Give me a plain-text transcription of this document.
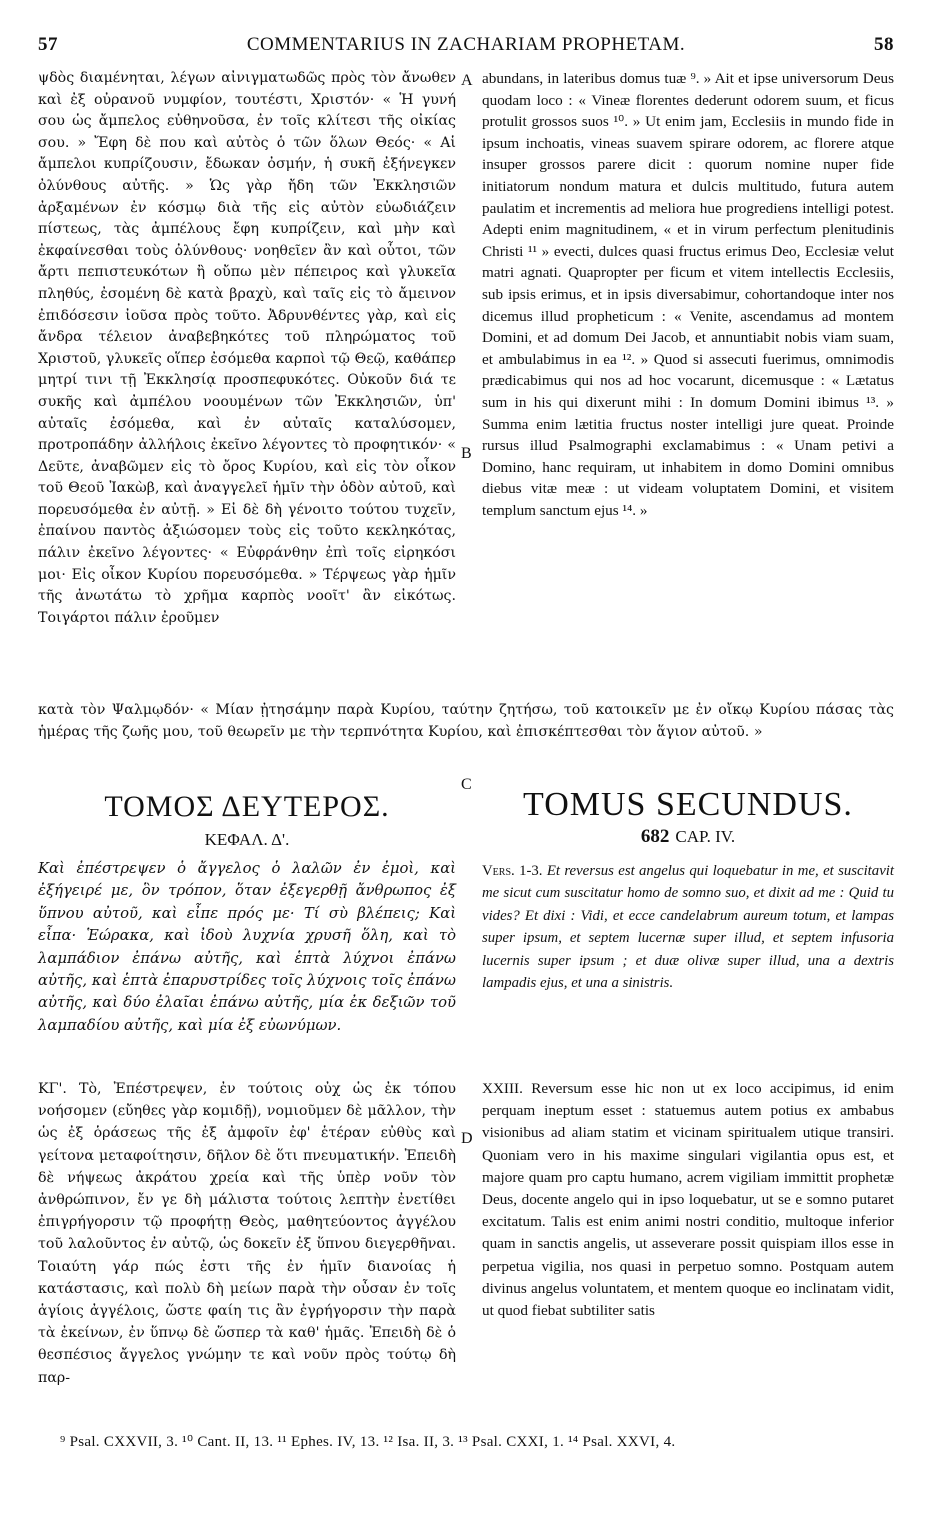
57	COMMENTARIUS IN ZACHARIAM PROPHETAM.	58

ψδὸς διαμένηται, λέγων αἰνιγματωδῶς πρὸς τὸν ἄνωθεν καὶ ἐξ οὐρανοῦ νυμφίον, τουτέστι, Χριστόν· « Ἡ γυνή σου ὡς ἄμπελος εὐθηνοῦσα, ἐν τοῖς κλίτεσι τῆς οἰκίας σου. » Ἔφη δὲ που καὶ αὐτὸς ὁ τῶν ὅλων Θεός· « Αἱ ἄμπελοι κυπρίζουσιν, ἔδωκαν ὀσμήν, ἡ συκῆ ἐξήνεγκεν ὀλύνθους αὐτῆς. » Ὡς γὰρ ἤδη τῶν Ἐκκλησιῶν ἀρξαμένων ἐν κόσμῳ διὰ τῆς εἰς αὐτὸν εὐωδιάζειν πίστεως, τὰς ἀμπέλους ἔφη κυπρίζειν, καὶ μὴν καὶ ἐκφαίνεσθαι τοὺς ὀλύνθους· νοηθεῖεν ἂν καὶ οὗτοι, τῶν ἄρτι πεπιστευκότων ἢ οὔπω μὲν πέπειρος καὶ γλυκεῖα πληθύς, ἐσομένη δὲ κατὰ βραχὺ, καὶ ταῖς εἰς τὸ ἄμεινον ἐπιδόσεσιν ἰοῦσα πρὸς τοῦτο. Ἀδρυνθέντες γὰρ, καὶ εἰς ἄνδρα τέλειον ἀναβεβηκότες τοῦ πληρώματος τοῦ Χριστοῦ, γλυκεῖς οἵπερ ἐσόμεθα καρποὶ τῷ Θεῷ, καθάπερ μητρί τινι τῇ Ἐκκλησίᾳ προσπεφυκότες. Οὐκοῦν διά τε συκῆς καὶ ἀμπέλου νοουμένων τῶν Ἐκκλησιῶν, ὑπ' αὐταῖς ἐσόμεθα, καὶ ἐν αὐταῖς καταλύσομεν, προτροπάδην ἀλλήλοις ἐκεῖνο λέγοντες τὸ προφητικόν· « Δεῦτε, ἀναβῶμεν εἰς τὸ ὄρος Κυρίου, καὶ εἰς τὸν οἶκον τοῦ Θεοῦ Ἰακὼβ, καὶ ἀναγγελεῖ ἡμῖν τὴν ὁδὸν αὐτοῦ, καὶ πορευσόμεθα ἐν αὐτῇ. » Εἰ δὲ δὴ γένοιτο τούτου τυχεῖν, ἐπαίνου παντὸς ἀξιώσομεν τοὺς εἰς τοῦτο κεκληκότας, πάλιν ἐκεῖνο λέγοντες· « Εὐφράνθην ἐπὶ τοῖς εἰρηκόσι μοι· Εἰς οἶκον Κυρίου πορευσόμεθα. » Τέρψεως γὰρ ἡμῖν τῆς ἀνωτάτω τὸ χρῆμα καρπὸς νοοῖτ' ἂν εἰκότως. Τοιγάρτοι πάλιν ἐροῦμεν

abundans, in lateribus domus tuæ ⁹. » Ait et ipse universorum Deus quodam loco : « Vineæ florentes dederunt odorem suum, et ficus protulit grossos suos ¹⁰. » Ut enim jam, Ecclesiis in mundo fide in ipsum inchoatis, vineas suavem spirare odorem, ac florere atque insuper grossos parere dicit : quorum nomine nuper fide initiatorum nondum matura et dulcis multitudo, futura autem paulatim et incrementis ad meliora hue progrediens intelligi potest. Adepti enim magnitudinem, « et in virum perfectum plenitudinis Christi ¹¹ » evecti, dulces quasi fructus erimus Deo, Ecclesiæ velut matri agnati. Quapropter per ficum et vitem intellectis Ecclesiis, sub ipsis erimus, et in ipsis diversabimur, cohortandoque inter nos dicemus illud propheticum : « Venite, ascendamus ad montem Domini, et ad domum Dei Jacob, et annuntiabit nobis viam suam, et ambulabimus in ea ¹². » Quod si assecuti fuerimus, omnimodis prædicabimus qui nos ad hoc vocarunt, dicemusque : « Lætatus sum in his qui dixerunt mihi : In domum Domini ibimus ¹³. » Summa enim lætitia fructus noster intelligi jure queat. Proinde rursus illud Psalmographi exclamabimus : « Unam petivi a Domino, hanc requiram, ut inhabitem in domo Domini omnibus diebus vitæ meæ : ut videam voluptatem Domini, et visitem templum sanctum ejus ¹⁴. »

A
B
C
D
κατὰ τὸν Ψαλμῳδόν· « Μίαν ᾐτησάμην παρὰ Κυρίου, ταύτην ζητήσω, τοῦ κατοικεῖν με ἐν οἴκῳ Κυρίου πάσας τὰς ἡμέρας τῆς ζωῆς μου, τοῦ θεωρεῖν με τὴν τερπνότητα Κυρίου, καὶ ἐπισκέπτεσθαι τὸν ἅγιον αὐτοῦ. »
ΤΟΜΟΣ ΔΕΥΤΕΡΟΣ.	TOMUS SECUNDUS.
ΚΕΦΑΛ. Δ'.	682 CAP. IV.

Καὶ ἐπέστρεψεν ὁ ἄγγελος ὁ λαλῶν ἐν ἐμοὶ, καὶ ἐξήγειρέ με, ὃν τρόπον, ὅταν ἐξεγερθῇ ἄνθρωπος ἐξ ὕπνου αὐτοῦ, καὶ εἶπε πρός με· Τί σὺ βλέπεις; Καὶ εἶπα· Ἑώρακα, καὶ ἰδοὺ λυχνία χρυσῆ ὅλη, καὶ τὸ λαμπάδιον ἐπάνω αὐτῆς, καὶ ἑπτὰ λύχνοι ἐπάνω αὐτῆς, καὶ ἑπτὰ ἐπαρυστρίδες τοῖς λύχνοις τοῖς ἐπάνω αὐτῆς, καὶ δύο ἐλαῖαι ἐπάνω αὐτῆς, μία ἐκ δεξιῶν τοῦ λαμπαδίου αὐτῆς, καὶ μία ἐξ εὐωνύμων.

Vers. 1-3. Et reversus est angelus qui loquebatur in me, et suscitavit me sicut cum suscitatur homo de somno suo, et dixit ad me : Quid tu vides? Et dixi : Vidi, et ecce candelabrum aureum totum, et lampas super ipsum, et septem lucernæ super illud, et septem infusoria lucernis super ipsum ; et duæ olivæ super illud, una a dextris lampadis ejus, et una a sinistris.

ΚΓ'. Τὸ, Ἐπέστρεψεν, ἐν τούτοις οὐχ ὡς ἐκ τόπου νοήσομεν (εὔηθες γὰρ κομιδῇ), νομιοῦμεν δὲ μᾶλλον, τὴν ὡς ἐξ ὁράσεως τῆς ἐξ ἀμφοῖν ἐφ' ἑτέραν εὐθὺς καὶ γείτονα μεταφοίτησιν, δῆλον δὲ ὅτι πνευματικήν. Ἐπειδὴ δὲ νήψεως ἀκράτου χρεία καὶ τῆς ὑπὲρ νοῦν τὸν ἀνθρώπινον, ἔν γε δὴ μάλιστα τούτοις λεπτὴν ἐνετίθει ἐπιγρήγορσιν τῷ προφήτῃ Θεὸς, μαθητεύοντος ἀγγέλου τοῦ λαλοῦντος ἐν αὐτῷ, ὡς δοκεῖν ἐξ ὕπνου διεγερθῆναι. Τοιαύτη γάρ πώς ἐστι τῆς ἐν ἡμῖν διανοίας ἡ κατάστασις, καὶ πολὺ δὴ μείων παρὰ τὴν οὖσαν ἐν τοῖς ἁγίοις ἀγγέλοις, ὥστε φαίη τις ἂν ἐγρήγορσιν τὴν παρὰ τὰ ἐκείνων, ἐν ὕπνῳ δὲ ὥσπερ τὰ καθ' ἡμᾶς. Ἐπειδὴ δὲ ὁ θεσπέσιος ἄγγελος γνώμην τε καὶ νοῦν πρὸς τούτῳ δὴ παρ-

XXIII. Reversum esse hic non ut ex loco accipimus, id enim perquam ineptum esset : statuemus autem potius ex ambabus visionibus ad aliam statim et vicinam spiritualem utique transiri. Quoniam vero in his maxime singulari vigilantia opus est, et majore quam pro captu humano, acrem vigiliam immittit prophetæ Deus, docente angelo qui in ipso loquebatur, ut se e somno putaret excitatum. Talis est enim animi nostri conditio, multoque inferior quam in sanctis angelis, ut asseverare possit quispiam illos esse in perpetua vigilia, nos quasi in perpetuo somno. Postquam autem divinus angelus voluntatem, et mentem quoque eo inclinatam vidit, ut quod fiebat subtiliter satis

⁹ Psal. CXXVII, 3. ¹⁰ Cant. II, 13. ¹¹ Ephes. IV, 13. ¹² Isa. II, 3. ¹³ Psal. CXXI, 1. ¹⁴ Psal. XXVI, 4.
